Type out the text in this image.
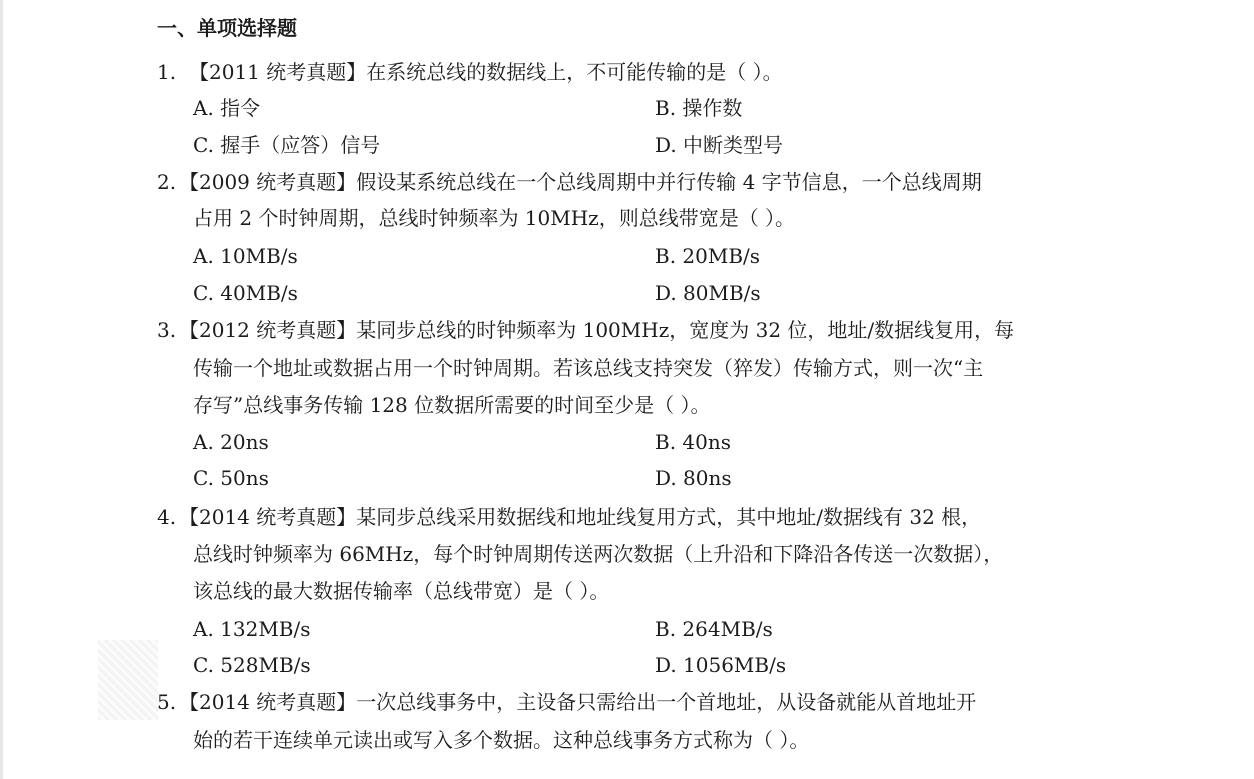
一、单项选择题
1. 【2011 统考真题】在系统总线的数据线上，不可能传输的是（ ）。
A. 指令	B. 操作数
C. 握手（应答）信号	D. 中断类型号
2. 【2009 统考真题】假设某系统总线在一个总线周期中并行传输 4 字节信息，一个总线周期
占用 2 个时钟周期，总线时钟频率为 10MHz，则总线带宽是（ ）。
A. 10MB/s	B. 20MB/s
C. 40MB/s	D. 80MB/s
3. 【2012 统考真题】某同步总线的时钟频率为 100MHz，宽度为 32 位，地址/数据线复用，每
传输一个地址或数据占用一个时钟周期。若该总线支持突发（猝发）传输方式，则一次“主
存写”总线事务传输 128 位数据所需要的时间至少是（ ）。
A. 20ns	B. 40ns
C. 50ns	D. 80ns
4. 【2014 统考真题】某同步总线采用数据线和地址线复用方式，其中地址/数据线有 32 根，
总线时钟频率为 66MHz，每个时钟周期传送两次数据（上升沿和下降沿各传送一次数据），
该总线的最大数据传输率（总线带宽）是（ ）。
A. 132MB/s	B. 264MB/s
C. 528MB/s	D. 1056MB/s
5. 【2014 统考真题】一次总线事务中，主设备只需给出一个首地址，从设备就能从首地址开
始的若干连续单元读出或写入多个数据。这种总线事务方式称为（ ）。
